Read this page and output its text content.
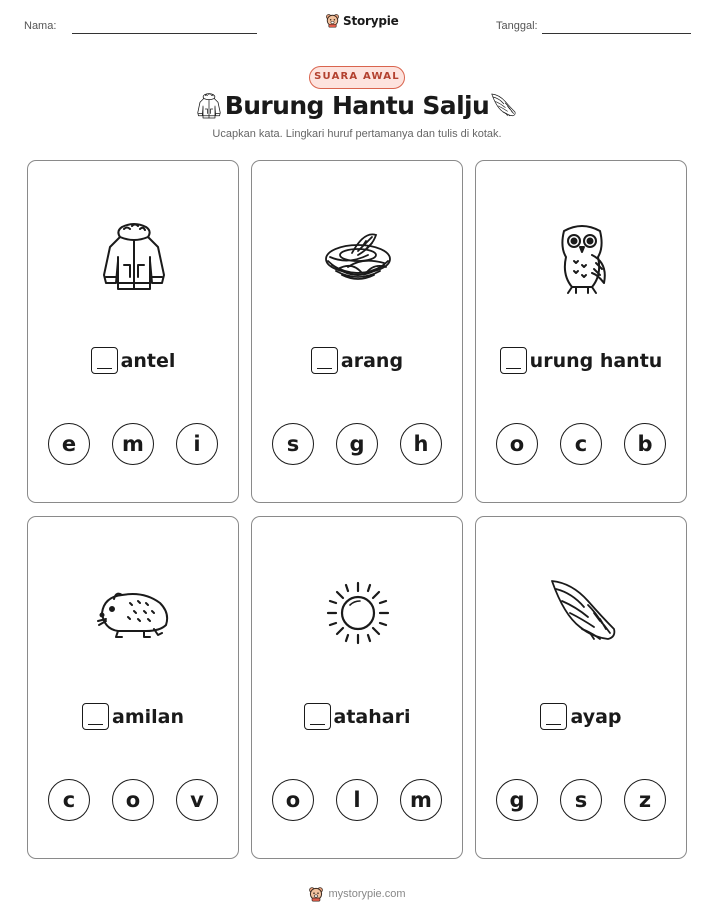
Nama:	Storypie	Tanggal:
SUARA AWAL
Burung Hantu Salju
Ucapkan kata. Lingkari huruf pertamanya dan tulis di kotak.
antel
e	m	i
arang
s	g	h
urung hantu
o	c	b
amilan
c	o	v
atahari
o	l	m
ayap
g	s	z
mystorypie.com
